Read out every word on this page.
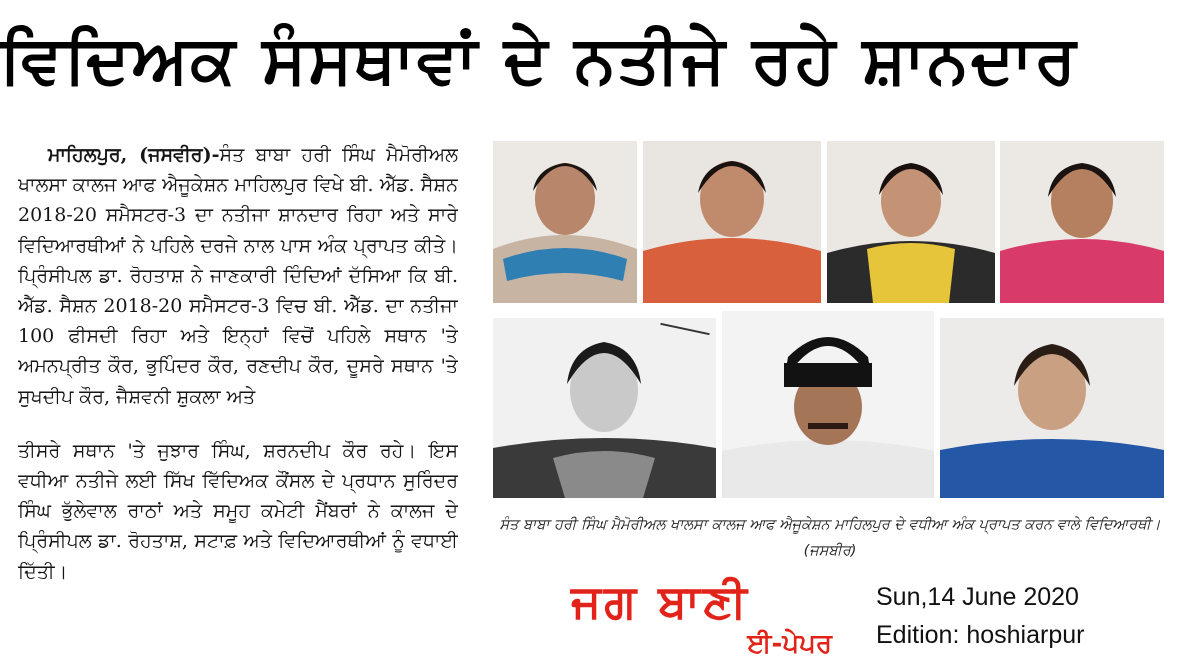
ਵਿਦਿਅਕ ਸੰਸਥਾਵਾਂ ਦੇ ਨਤੀਜੇ ਰਹੇ ਸ਼ਾਨਦਾਰ

ਮਾਹਿਲਪੁਰ, (ਜਸਵੀਰ)-ਸੰਤ ਬਾਬਾ ਹਰੀ ਸਿੰਘ ਮੈਮੋਰੀਅਲ ਖਾਲਸਾ ਕਾਲਜ ਆਫ ਐਜੂਕੇਸ਼ਨ ਮਾਹਿਲਪੁਰ ਵਿਖੇ ਬੀ. ਐੱਡ. ਸੈਸ਼ਨ 2018-20 ਸਮੈਸਟਰ-3 ਦਾ ਨਤੀਜਾ ਸ਼ਾਨਦਾਰ ਰਿਹਾ ਅਤੇ ਸਾਰੇ ਵਿਦਿਆਰਥੀਆਂ ਨੇ ਪਹਿਲੇ ਦਰਜੇ ਨਾਲ ਪਾਸ ਅੰਕ ਪ੍ਰਾਪਤ ਕੀਤੇ। ਪ੍ਰਿੰਸੀਪਲ ਡਾ. ਰੋਹਤਾਸ਼ ਨੇ ਜਾਣਕਾਰੀ ਦਿੰਦਿਆਂ ਦੱਸਿਆ ਕਿ ਬੀ. ਐੱਡ. ਸੈਸ਼ਨ 2018-20 ਸਮੈਸਟਰ-3 ਵਿਚ ਬੀ. ਐੱਡ. ਦਾ ਨਤੀਜਾ 100 ਫੀਸਦੀ ਰਿਹਾ ਅਤੇ ਇਨ੍ਹਾਂ ਵਿਚੋਂ ਪਹਿਲੇ ਸਥਾਨ 'ਤੇ ਅਮਨਪ੍ਰੀਤ ਕੌਰ, ਭੁਪਿੰਦਰ ਕੌਰ, ਰਣਦੀਪ ਕੌਰ, ਦੂਸਰੇ ਸਥਾਨ 'ਤੇ ਸੁਖਦੀਪ ਕੌਰ, ਜੈਸ਼ਵਨੀ ਸ਼ੁਕਲਾ ਅਤੇ

ਤੀਸਰੇ ਸਥਾਨ 'ਤੇ ਜੁਝਾਰ ਸਿੰਘ, ਸ਼ਰਨਦੀਪ ਕੌਰ ਰਹੇ। ਇਸ ਵਧੀਆ ਨਤੀਜੇ ਲਈ ਸਿੱਖ ਵਿੱਦਿਅਕ ਕੌਂਸਲ ਦੇ ਪ੍ਰਧਾਨ ਸੁਰਿੰਦਰ ਸਿੰਘ ਭੁੱਲੇਵਾਲ ਰਾਠਾਂ ਅਤੇ ਸਮੂਹ ਕਮੇਟੀ ਮੈਂਬਰਾਂ ਨੇ ਕਾਲਜ ਦੇ ਪ੍ਰਿੰਸੀਪਲ ਡਾ. ਰੋਹਤਾਸ਼, ਸਟਾਫ਼ ਅਤੇ ਵਿਦਿਆਰਥੀਆਂ ਨੂੰ ਵਧਾਈ ਦਿੱਤੀ।

ਸੰਤ ਬਾਬਾ ਹਰੀ ਸਿੰਘ ਮੈਮੋਰੀਅਲ ਖਾਲਸਾ ਕਾਲਜ ਆਫ ਐਜੂਕੇਸ਼ਨ ਮਾਹਿਲਪੁਰ ਦੇ ਵਧੀਆ ਅੰਕ ਪ੍ਰਾਪਤ ਕਰਨ ਵਾਲੇ ਵਿਦਿਆਰਥੀ। (ਜਸਬੀਰ)
ਜਗ ਬਾਣੀ
ਈ-ਪੇਪਰ
Sun,14 June 2020
Edition: hoshiarpur
